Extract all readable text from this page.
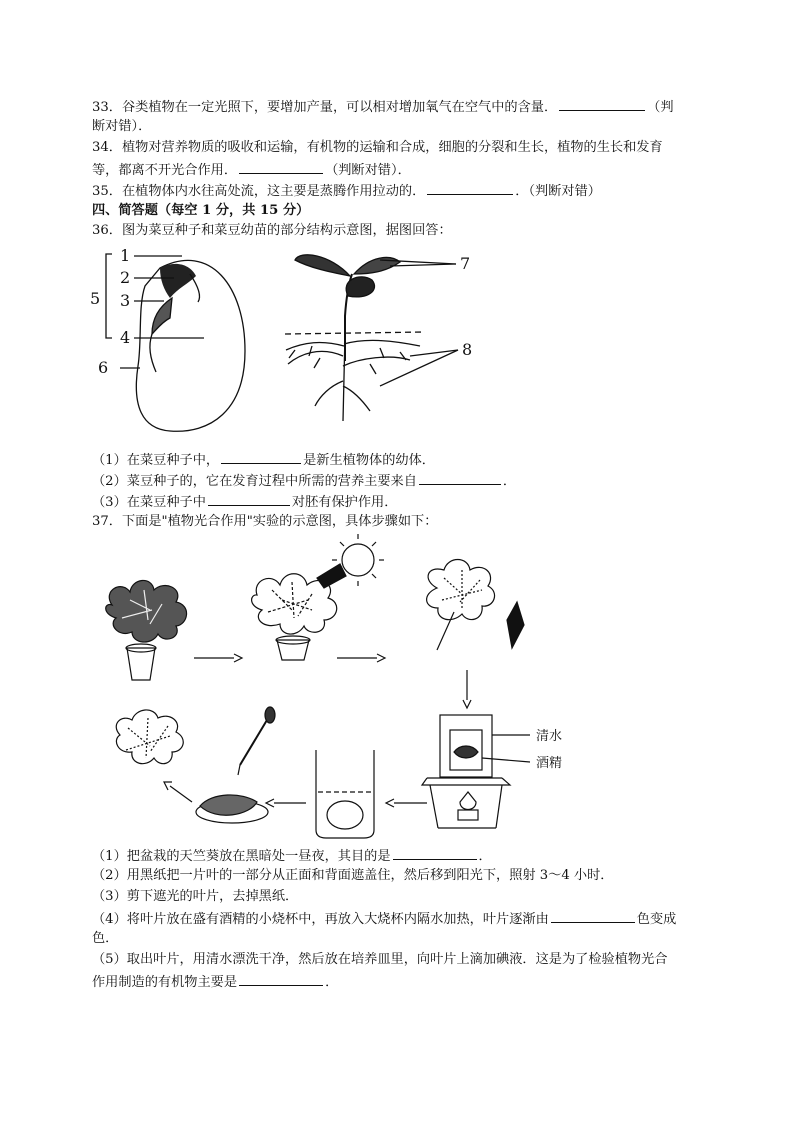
33．谷类植物在一定光照下，要增加产量，可以相对增加氧气在空气中的含量．	（判
断对错）．
34．植物对营养物质的吸收和运输，有机物的运输和合成，细胞的分裂和生长，植物的生长和发育
等，都离不开光合作用．	（判断对错）．
35．在植物体内水往高处流，这主要是蒸腾作用拉动的．	．（判断对错）
四、简答题（每空 1 分，共 15 分）
36．图为菜豆种子和菜豆幼苗的部分结构示意图，据图回答：
1
2
5 3
4
6
7
8
（1）在菜豆种子中，	是新生植物体的幼体．
（2）菜豆种子的，它在发育过程中所需的营养主要来自	．
（3）在菜豆种子中	对胚有保护作用．
37．下面是"植物光合作用"实验的示意图，具体步骤如下：
清水
酒精
（1）把盆栽的天竺葵放在黑暗处一昼夜，其目的是	．
（2）用黑纸把一片叶的一部分从正面和背面遮盖住，然后移到阳光下，照射 3～4 小时．
（3）剪下遮光的叶片，去掉黑纸．
（4）将叶片放在盛有酒精的小烧杯中，再放入大烧杯内隔水加热，叶片逐渐由	色变成
色．
（5）取出叶片，用清水漂洗干净，然后放在培养皿里，向叶片上滴加碘液．这是为了检验植物光合
作用制造的有机物主要是	．
